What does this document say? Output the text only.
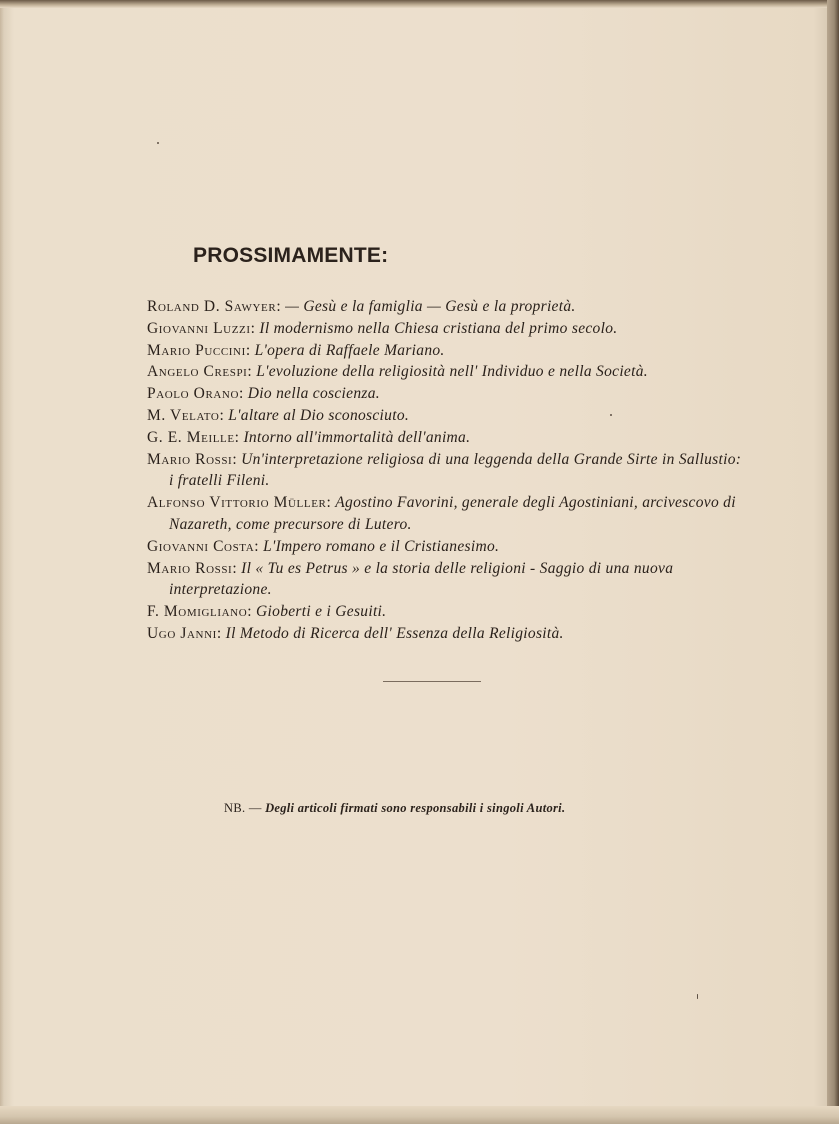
PROSSIMAMENTE:
Roland D. Sawyer: — Gesù e la famiglia — Gesù e la proprietà.
Giovanni Luzzi: Il modernismo nella Chiesa cristiana del primo secolo.
Mario Puccini: L'opera di Raffaele Mariano.
Angelo Crespi: L'evoluzione della religiosità nell' Individuo e nella Società.
Paolo Orano: Dio nella coscienza.
M. Velato: L'altare al Dio sconosciuto.
G. E. Meille: Intorno all'immortalità dell'anima.
Mario Rossi: Un'interpretazione religiosa di una leggenda della Grande Sirte in Sallustio: i fratelli Fileni.
Alfonso Vittorio Müller: Agostino Favorini, generale degli Agostiniani, arcivescovo di Nazareth, come precursore di Lutero.
Giovanni Costa: L'Impero romano e il Cristianesimo.
Mario Rossi: Il « Tu es Petrus » e la storia delle religioni - Saggio di una nuova interpretazione.
F. Momigliano: Gioberti e i Gesuiti.
Ugo Janni: Il Metodo di Ricerca dell' Essenza della Religiosità.
NB. — Degli articoli firmati sono responsabili i singoli Autori.
